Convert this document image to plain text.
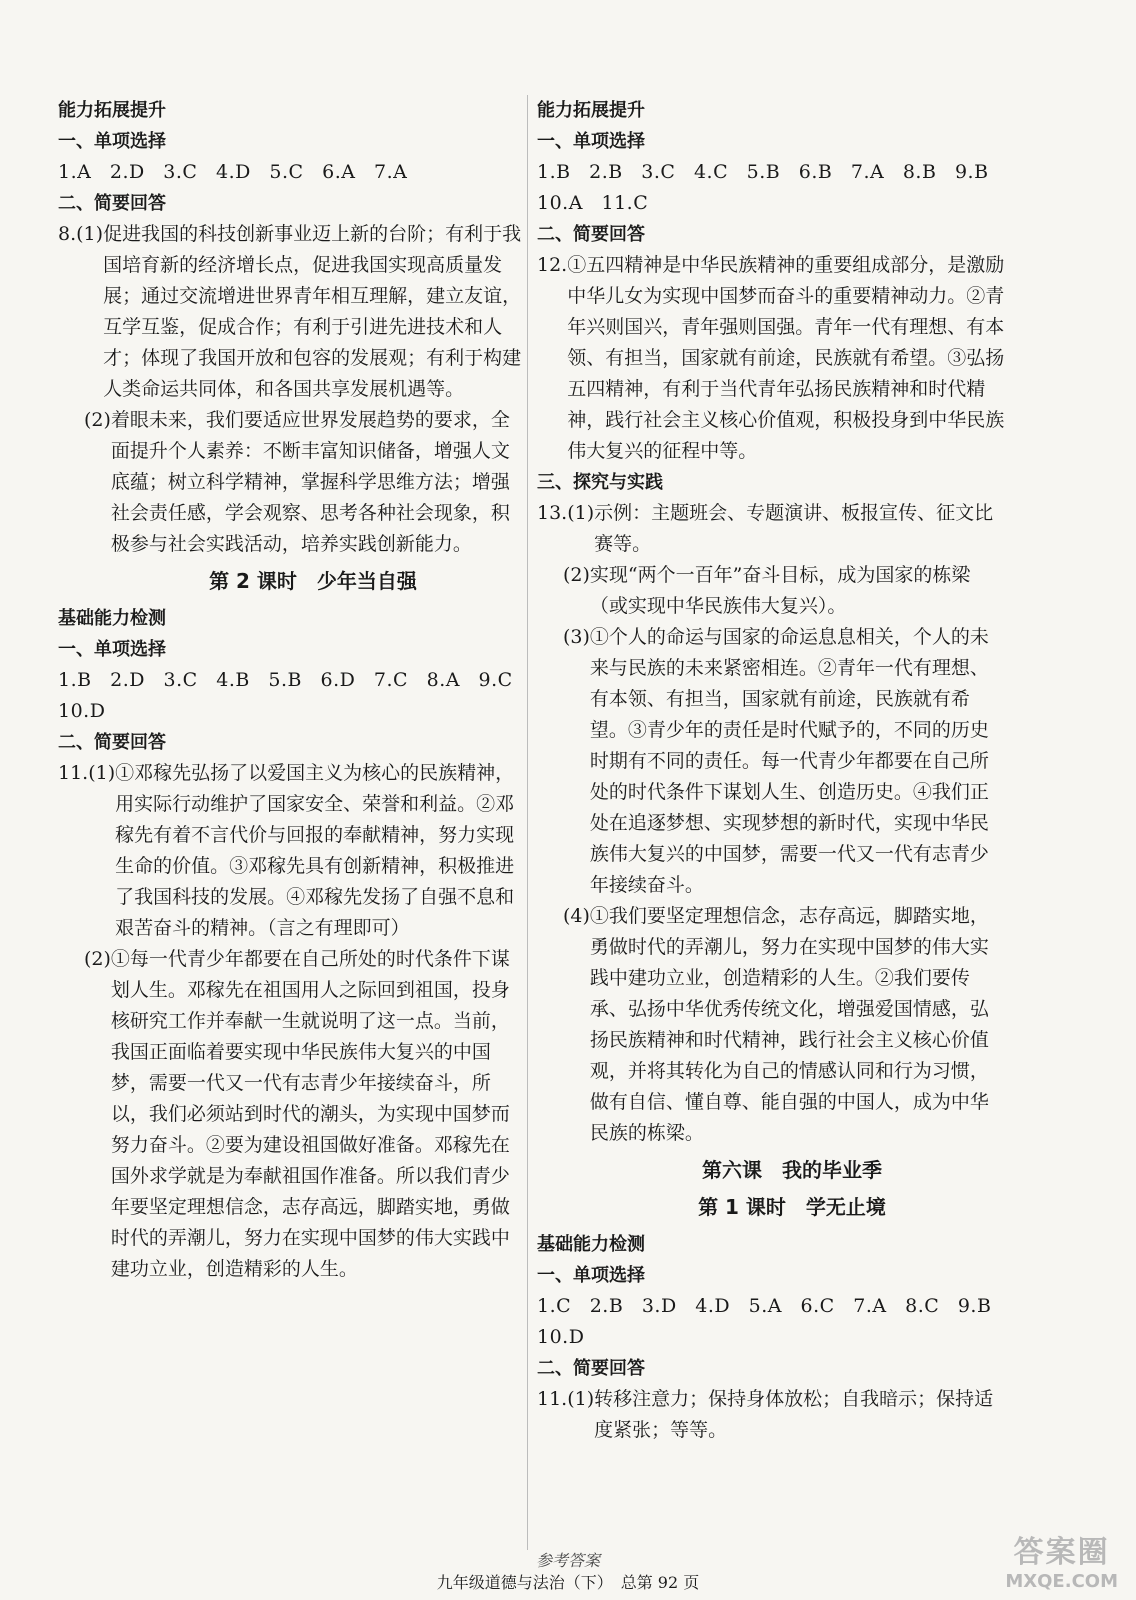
能力拓展提升
一、单项选择
1.A 2.D 3.C 4.D 5.C 6.A 7.A
二、简要回答
8. (1) 促进我国的科技创新事业迈上新的台阶；有利于我国培育新的经济增长点，促进我国实现高质量发展；通过交流增进世界青年相互理解，建立友谊，互学互鉴，促成合作；有利于引进先进技术和人才；体现了我国开放和包容的发展观；有利于构建人类命运共同体，和各国共享发展机遇等。
(2) 着眼未来，我们要适应世界发展趋势的要求，全面提升个人素养：不断丰富知识储备，增强人文底蕴；树立科学精神，掌握科学思维方法；增强社会责任感，学会观察、思考各种社会现象，积极参与社会实践活动，培养实践创新能力。
第 2 课时　少年当自强
基础能力检测
一、单项选择
1.B 2.D 3.C 4.B 5.B 6.D 7.C 8.A 9.C
10.D
二、简要回答
11. (1) ①邓稼先弘扬了以爱国主义为核心的民族精神，用实际行动维护了国家安全、荣誉和利益。②邓稼先有着不言代价与回报的奉献精神，努力实现生命的价值。③邓稼先具有创新精神，积极推进了我国科技的发展。④邓稼先发扬了自强不息和艰苦奋斗的精神。（言之有理即可）
(2) ①每一代青少年都要在自己所处的时代条件下谋划人生。邓稼先在祖国用人之际回到祖国，投身核研究工作并奉献一生就说明了这一点。当前，我国正面临着要实现中华民族伟大复兴的中国梦，需要一代又一代有志青少年接续奋斗，所以，我们必须站到时代的潮头，为实现中国梦而努力奋斗。②要为建设祖国做好准备。邓稼先在国外求学就是为奉献祖国作准备。所以我们青少年要坚定理想信念，志存高远，脚踏实地，勇做时代的弄潮儿，努力在实现中国梦的伟大实践中建功立业，创造精彩的人生。
能力拓展提升
一、单项选择
1.B 2.B 3.C 4.C 5.B 6.B 7.A 8.B 9.B
10.A 11.C
二、简要回答
12. ①五四精神是中华民族精神的重要组成部分，是激励中华儿女为实现中国梦而奋斗的重要精神动力。②青年兴则国兴，青年强则国强。青年一代有理想、有本领、有担当，国家就有前途，民族就有希望。③弘扬五四精神，有利于当代青年弘扬民族精神和时代精神，践行社会主义核心价值观，积极投身到中华民族伟大复兴的征程中等。
三、探究与实践
13. (1) 示例：主题班会、专题演讲、板报宣传、征文比赛等。
(2) 实现“两个一百年”奋斗目标，成为国家的栋梁（或实现中华民族伟大复兴）。
(3) ①个人的命运与国家的命运息息相关，个人的未来与民族的未来紧密相连。②青年一代有理想、有本领、有担当，国家就有前途，民族就有希望。③青少年的责任是时代赋予的，不同的历史时期有不同的责任。每一代青少年都要在自己所处的时代条件下谋划人生、创造历史。④我们正处在追逐梦想、实现梦想的新时代，实现中华民族伟大复兴的中国梦，需要一代又一代有志青少年接续奋斗。
(4) ①我们要坚定理想信念，志存高远，脚踏实地，勇做时代的弄潮儿，努力在实现中国梦的伟大实践中建功立业，创造精彩的人生。②我们要传承、弘扬中华优秀传统文化，增强爱国情感，弘扬民族精神和时代精神，践行社会主义核心价值观，并将其转化为自己的情感认同和行为习惯，做有自信、懂自尊、能自强的中国人，成为中华民族的栋梁。
第六课　我的毕业季
第 1 课时　学无止境
基础能力检测
一、单项选择
1.C 2.B 3.D 4.D 5.A 6.C 7.A 8.C 9.B
10.D
二、简要回答
11. (1) 转移注意力；保持身体放松；自我暗示；保持适度紧张；等等。
参考答案
九年级道德与法治（下）　总第 92 页
答案圈
MXQE.COM
